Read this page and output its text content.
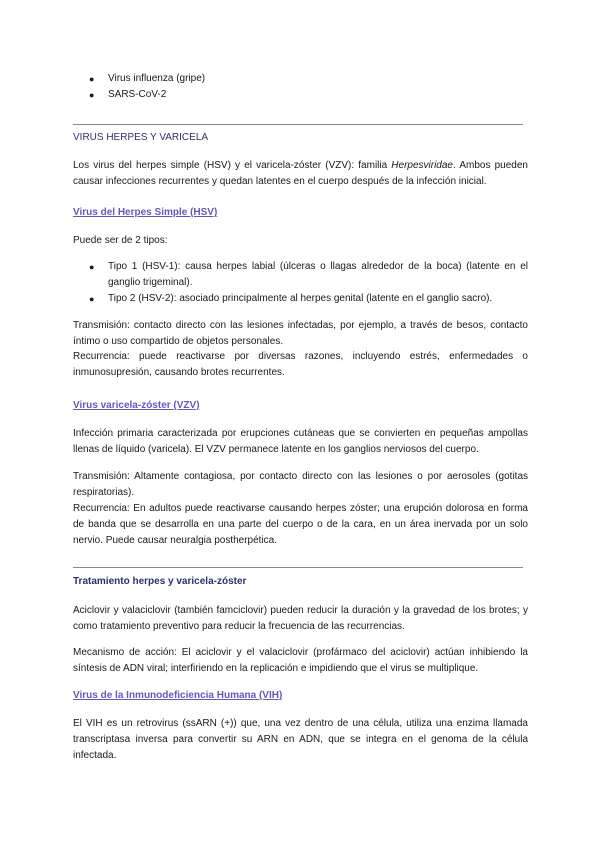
● Virus influenza (gripe)
● SARS-CoV-2
VIRUS HERPES Y VARICELA
Los virus del herpes simple (HSV) y el varicela-zóster (VZV): familia Herpesviridae. Ambos pueden causar infecciones recurrentes y quedan latentes en el cuerpo después de la infección inicial.
Virus del Herpes Simple (HSV)
Puede ser de 2 tipos:
● Tipo 1 (HSV-1): causa herpes labial (úlceras o llagas alrededor de la boca) (latente en el ganglio trigeminal).
● Tipo 2 (HSV-2): asociado principalmente al herpes genital (latente en el ganglio sacro).
Transmisión: contacto directo con las lesiones infectadas, por ejemplo, a través de besos, contacto íntimo o uso compartido de objetos personales.
Recurrencia: puede reactivarse por diversas razones, incluyendo estrés, enfermedades o inmunosupresión, causando brotes recurrentes.
Virus varicela-zóster (VZV)
Infección primaria caracterizada por erupciones cutáneas que se convierten en pequeñas ampollas llenas de líquido (varicela). El VZV permanece latente en los ganglios nerviosos del cuerpo.
Transmisión: Altamente contagiosa, por contacto directo con las lesiones o por aerosoles (gotitas respiratorias).
Recurrencia: En adultos puede reactivarse causando herpes zóster; una erupción dolorosa en forma de banda que se desarrolla en una parte del cuerpo o de la cara, en un área inervada por un solo nervio. Puede causar neuralgia postherpética.
Tratamiento herpes y varicela-zóster
Aciclovir y valaciclovir (también famciclovir) pueden reducir la duración y la gravedad de los brotes; y como tratamiento preventivo para reducir la frecuencia de las recurrencias.
Mecanismo de acción: El aciclovir y el valaciclovir (profármaco del aciclovir) actúan inhibiendo la síntesis de ADN viral; interfiriendo en la replicación e impidiendo que el virus se multiplique.
Virus de la Inmunodeficiencia Humana (VIH)
El VIH es un retrovirus (ssARN (+)) que, una vez dentro de una célula, utiliza una enzima llamada transcriptasa inversa para convertir su ARN en ADN, que se integra en el genoma de la célula infectada.
